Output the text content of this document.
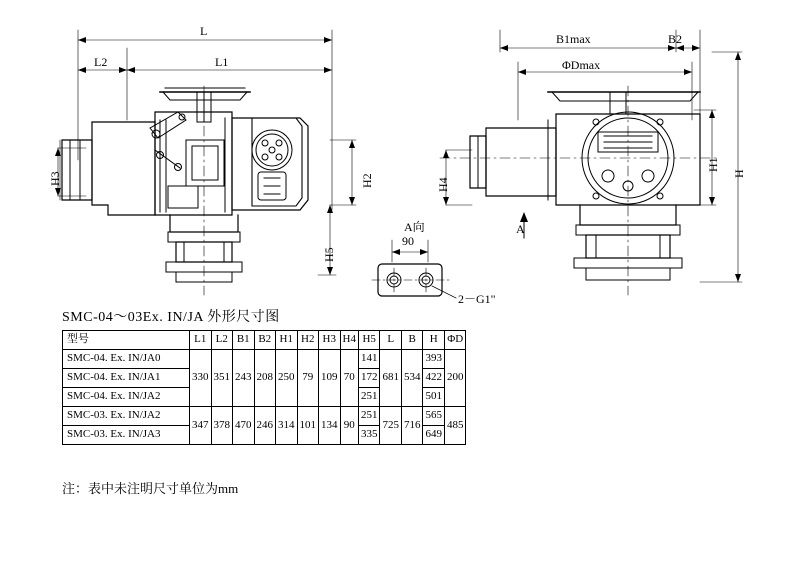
L
L2	L1
H3	H2
H5
B1max	B2
ΦDmax
H1
H
H4
A
A向
90
2－G1"
SMC-04～03Ex. IN/JA 外形尺寸图
型号	L1	L2	B1	B2	H1	H2	H3	H4	H5	L	B	H	ΦD
SMC-04. Ex. IN/JA0	330	351	243	208	250	79	109	70	141	681	534	393	200
SMC-04. Ex. IN/JA1									172			422	
SMC-04. Ex. IN/JA2									251			501	
SMC-03. Ex. IN/JA2	347	378	470	246	314	101	134	90	251	725	716	565	485
SMC-03. Ex. IN/JA3									335			649	
注：表中未注明尺寸单位为mm
